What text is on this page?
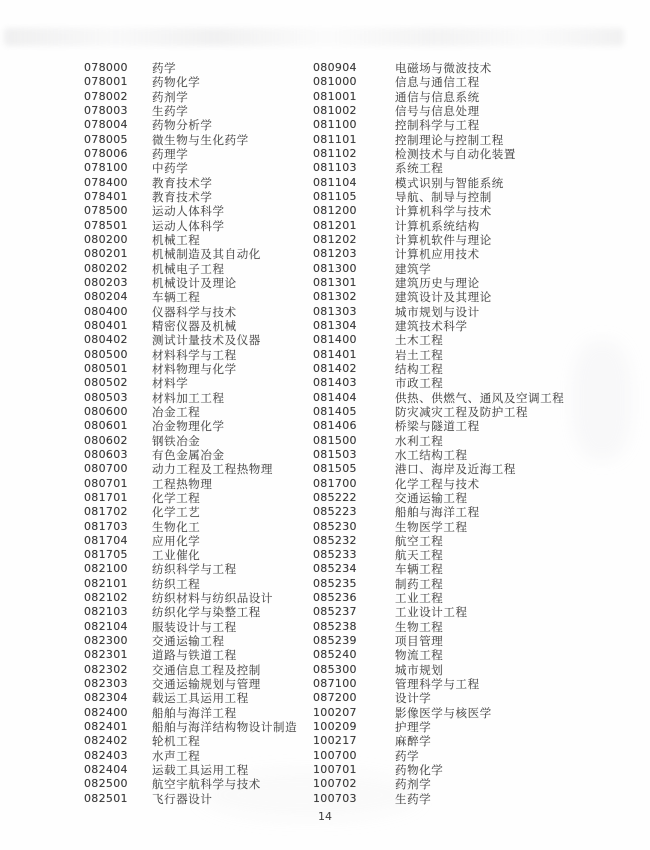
078000	药学
078001	药物化学
078002	药剂学
078003	生药学
078004	药物分析学
078005	微生物与生化药学
078006	药理学
078100	中药学
078400	教育技术学
078401	教育技术学
078500	运动人体科学
078501	运动人体科学
080200	机械工程
080201	机械制造及其自动化
080202	机械电子工程
080203	机械设计及理论
080204	车辆工程
080400	仪器科学与技术
080401	精密仪器及机械
080402	测试计量技术及仪器
080500	材料科学与工程
080501	材料物理与化学
080502	材料学
080503	材料加工工程
080600	冶金工程
080601	冶金物理化学
080602	钢铁冶金
080603	有色金属冶金
080700	动力工程及工程热物理
080701	工程热物理
081701	化学工程
081702	化学工艺
081703	生物化工
081704	应用化学
081705	工业催化
082100	纺织科学与工程
082101	纺织工程
082102	纺织材料与纺织品设计
082103	纺织化学与染整工程
082104	服装设计与工程
082300	交通运输工程
082301	道路与铁道工程
082302	交通信息工程及控制
082303	交通运输规划与管理
082304	载运工具运用工程
082400	船舶与海洋工程
082401	船舶与海洋结构物设计制造
082402	轮机工程
082403	水声工程
082404	运载工具运用工程
082500	航空宇航科学与技术
082501	飞行器设计
080904	电磁场与微波技术
081000	信息与通信工程
081001	通信与信息系统
081002	信号与信息处理
081100	控制科学与工程
081101	控制理论与控制工程
081102	检测技术与自动化装置
081103	系统工程
081104	模式识别与智能系统
081105	导航、制导与控制
081200	计算机科学与技术
081201	计算机系统结构
081202	计算机软件与理论
081203	计算机应用技术
081300	建筑学
081301	建筑历史与理论
081302	建筑设计及其理论
081303	城市规划与设计
081304	建筑技术科学
081400	土木工程
081401	岩土工程
081402	结构工程
081403	市政工程
081404	供热、供燃气、通风及空调工程
081405	防灾减灾工程及防护工程
081406	桥梁与隧道工程
081500	水利工程
081503	水工结构工程
081505	港口、海岸及近海工程
081700	化学工程与技术
085222	交通运输工程
085223	船舶与海洋工程
085230	生物医学工程
085232	航空工程
085233	航天工程
085234	车辆工程
085235	制药工程
085236	工业工程
085237	工业设计工程
085238	生物工程
085239	项目管理
085240	物流工程
085300	城市规划
087100	管理科学与工程
087200	设计学
100207	影像医学与核医学
100209	护理学
100217	麻醉学
100700	药学
100701	药物化学
100702	药剂学
100703	生药学
14
